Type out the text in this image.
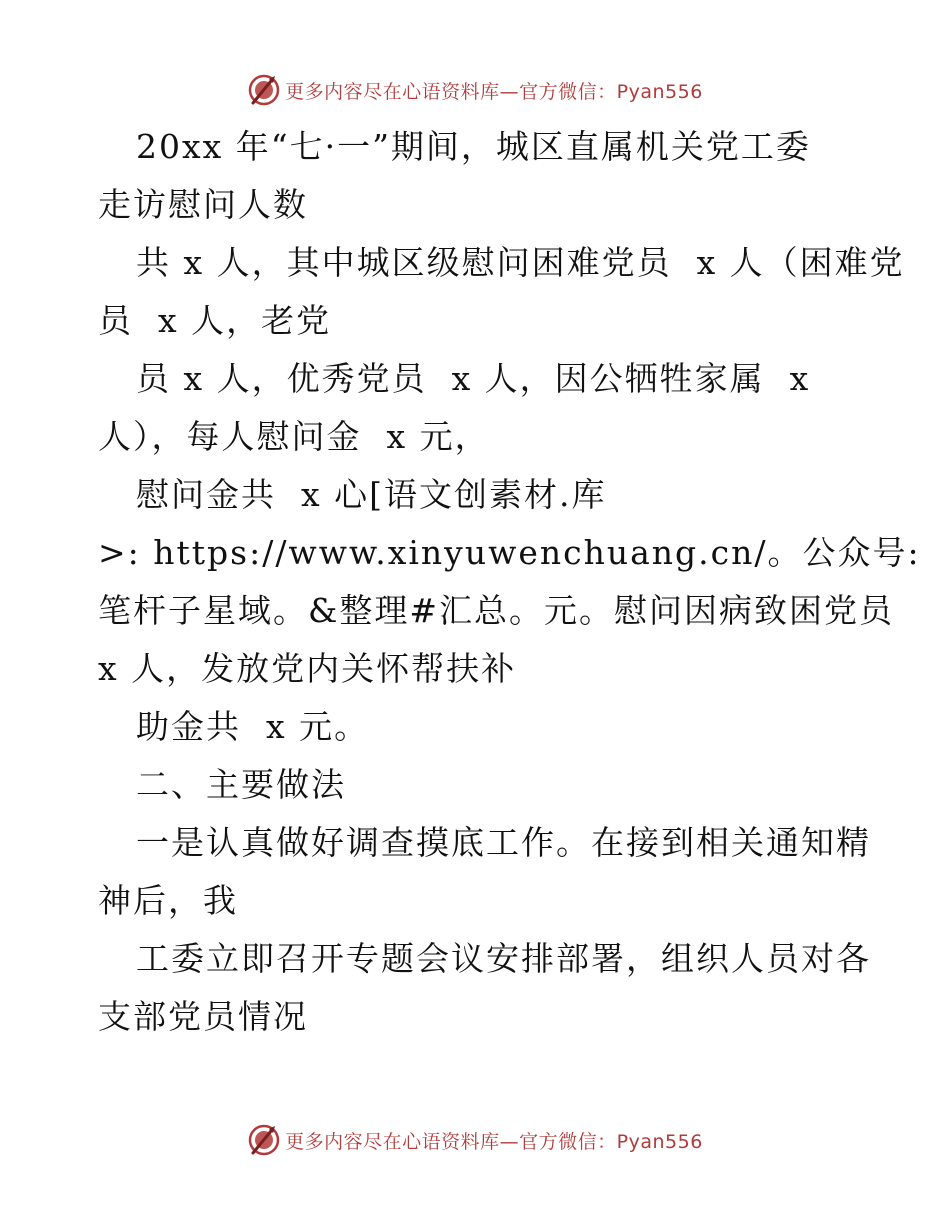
更多内容尽在心语资料库—官方微信：Pyan556
20xx 年“七·一”期间，城区直属机关党工委
走访慰问人数
共 x 人，其中城区级慰问困难党员  x 人（困难党
员  x 人，老党
员 x 人，优秀党员  x 人，因公牺牲家属  x
人），每人慰问金  x 元，
慰问金共  x 心[语文创素材.库
>: https://www.xinyuwenchuang.cn/。公众号:
笔杆子星域。&整理#汇总。元。慰问因病致困党员
x 人，发放党内关怀帮扶补
助金共  x 元。
二、主要做法
一是认真做好调查摸底工作。在接到相关通知精
神后，我
工委立即召开专题会议安排部署，组织人员对各
支部党员情况
更多内容尽在心语资料库—官方微信：Pyan556
